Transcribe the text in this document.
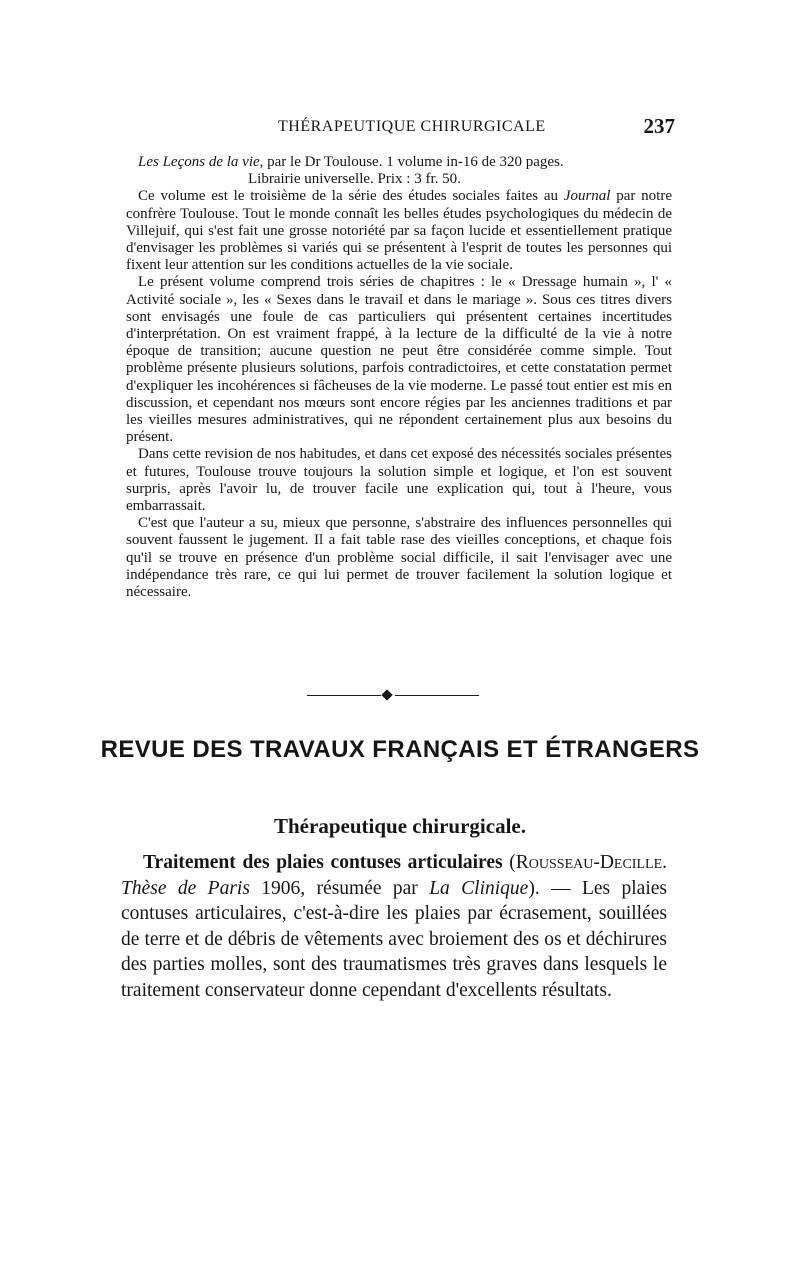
THÉRAPEUTIQUE CHIRURGICALE	237

Les Leçons de la vie, par le Dr Toulouse. 1 volume in-16 de 320 pages.
Librairie universelle. Prix : 3 fr. 50.

Ce volume est le troisième de la série des études sociales faites au Journal par notre confrère Toulouse. Tout le monde connaît les belles études psychologiques du médecin de Villejuif, qui s'est fait une grosse notoriété par sa façon lucide et essentiellement pratique d'envisager les problèmes si variés qui se présentent à l'esprit de toutes les personnes qui fixent leur attention sur les conditions actuelles de la vie sociale.

Le présent volume comprend trois séries de chapitres : le « Dressage humain », l' « Activité sociale », les « Sexes dans le travail et dans le mariage ». Sous ces titres divers sont envisagés une foule de cas particuliers qui présentent certaines incertitudes d'interprétation. On est vraiment frappé, à la lecture de la difficulté de la vie à notre époque de transition; aucune question ne peut être considérée comme simple. Tout problème présente plusieurs solutions, parfois contradictoires, et cette constatation permet d'expliquer les incohérences si fâcheuses de la vie moderne. Le passé tout entier est mis en discussion, et cependant nos mœurs sont encore régies par les anciennes traditions et par les vieilles mesures administratives, qui ne répondent certainement plus aux besoins du présent.

Dans cette revision de nos habitudes, et dans cet exposé des nécessités sociales présentes et futures, Toulouse trouve toujours la solution simple et logique, et l'on est souvent surpris, après l'avoir lu, de trouver facile une explication qui, tout à l'heure, vous embarrassait.

C'est que l'auteur a su, mieux que personne, s'abstraire des influences personnelles qui souvent faussent le jugement. Il a fait table rase des vieilles conceptions, et chaque fois qu'il se trouve en présence d'un problème social difficile, il sait l'envisager avec une indépendance très rare, ce qui lui permet de trouver facilement la solution logique et nécessaire.

REVUE DES TRAVAUX FRANÇAIS ET ÉTRANGERS
Thérapeutique chirurgicale.

Traitement des plaies contuses articulaires (Rousseau-Decille. Thèse de Paris 1906, résumée par La Clinique). — Les plaies contuses articulaires, c'est-à-dire les plaies par écrasement, souillées de terre et de débris de vêtements avec broiement des os et déchirures des parties molles, sont des traumatismes très graves dans lesquels le traitement conservateur donne cependant d'excellents résultats.
